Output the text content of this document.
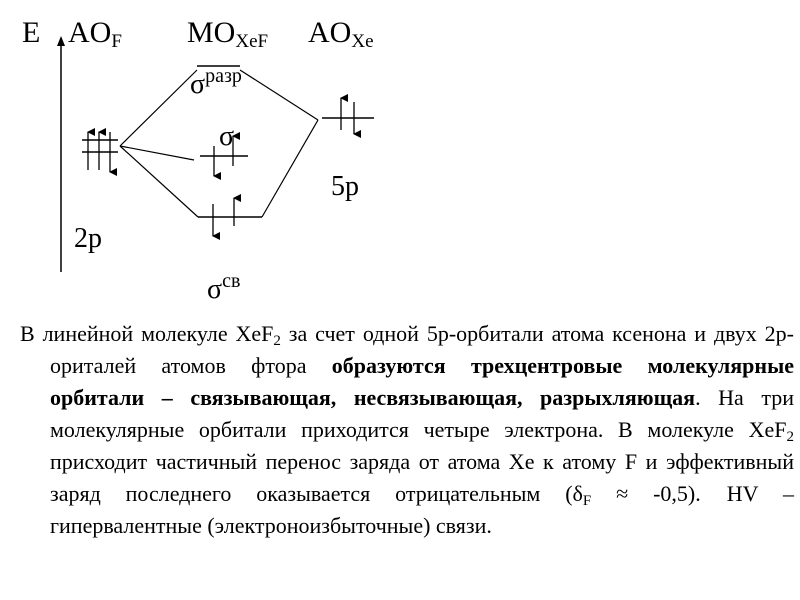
E $AO_F$ $MO_{XeF}$ $AO_{Xe}$
$\sigma^{разр}$
σ
$\sigma^{св}$
5p
2p
В линейной молекуле XeF$_2$ за счет одной 5p-орбитали атома ксенона и двух 2p-ориталей атомов фтора образуются трехцентровые молекулярные орбитали – связывающая, несвязывающая, разрыхляющая. На три молекулярные орбитали приходится четыре электрона. В молекуле XeF$_2$ присходит частичный перенос заряда от атома Xe к атому F и эффективный заряд последнего оказывается отрицательным $(\delta_F \approx -0,5)$. HV – гипервалентные (электроноизбыточные) связи.
